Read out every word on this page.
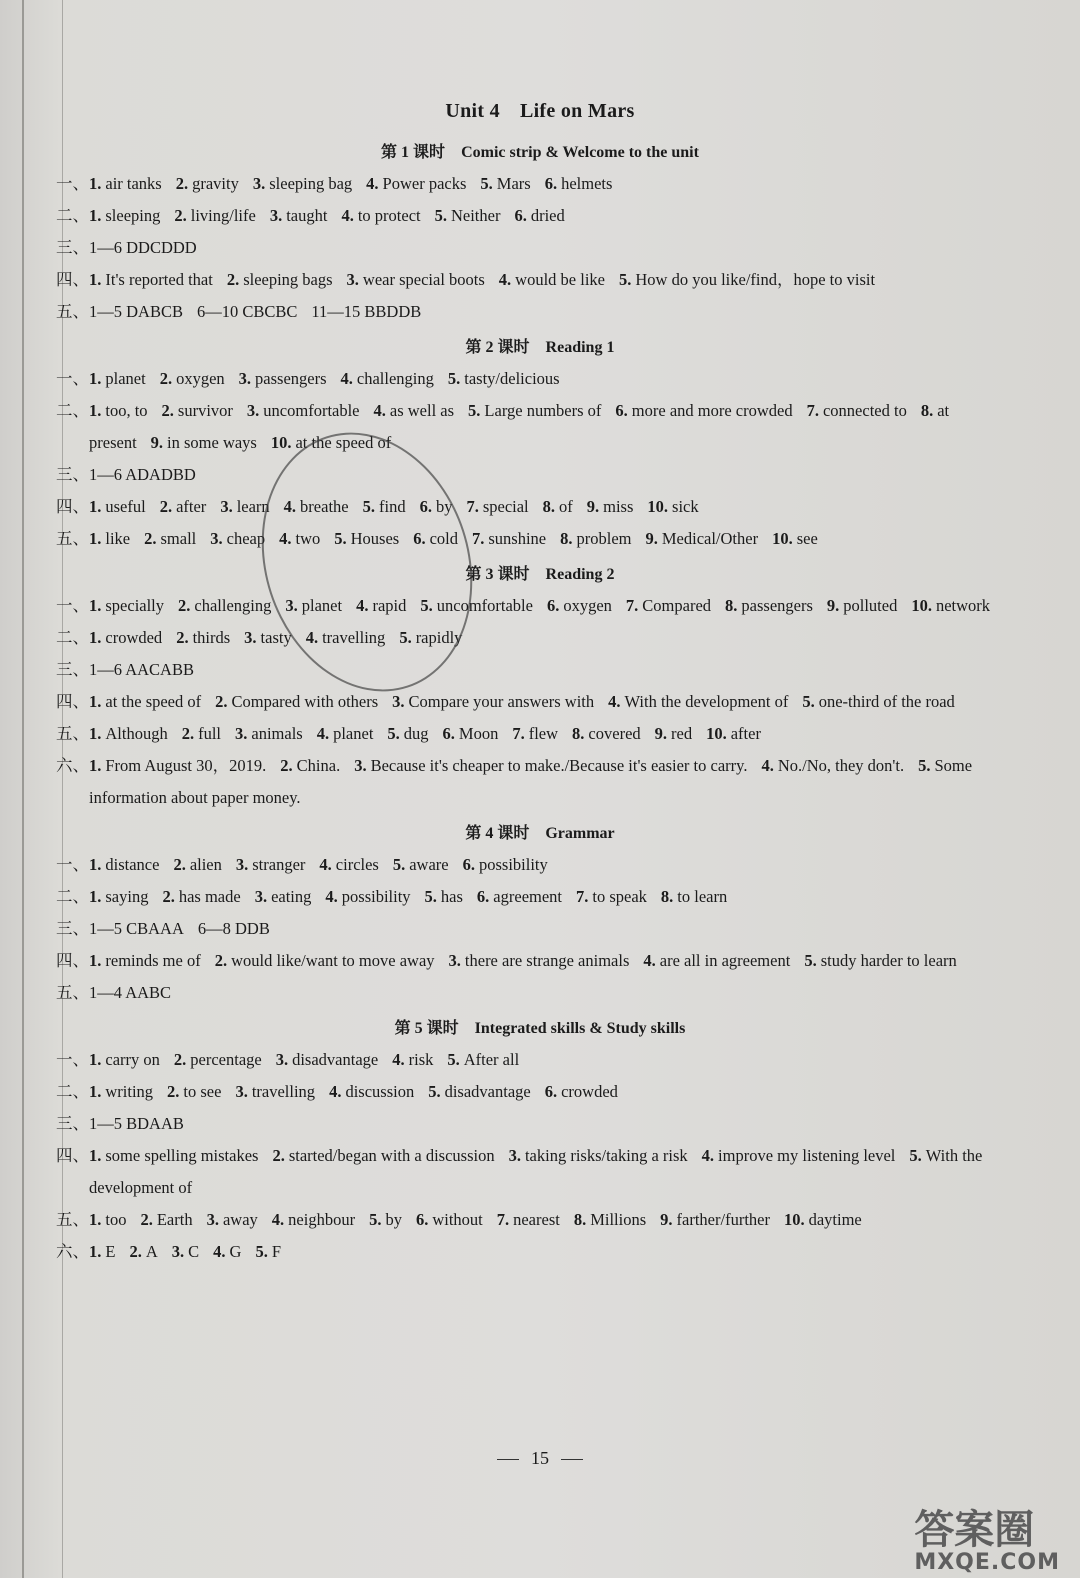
Unit 4 Life on Mars
第 1 课时 Comic strip & Welcome to the unit
一、 1. air tanks 2. gravity 3. sleeping bag 4. Power packs 5. Mars 6. helmets
二、 1. sleeping 2. living/life 3. taught 4. to protect 5. Neither 6. dried
三、 1—6 DDCDDD
四、 1. It's reported that 2. sleeping bags 3. wear special boots 4. would be like 5. How do you like/find，hope to visit
五、 1—5 DABCB 6—10 CBCBC 11—15 BBDDB
第 2 课时 Reading 1
一、 1. planet 2. oxygen 3. passengers 4. challenging 5. tasty/delicious
二、 1. too, to 2. survivor 3. uncomfortable 4. as well as 5. Large numbers of 6. more and more crowded 7. connected to 8. at present 9. in some ways 10. at the speed of
三、 1—6 ADADBD
四、 1. useful 2. after 3. learn 4. breathe 5. find 6. by 7. special 8. of 9. miss 10. sick
五、 1. like 2. small 3. cheap 4. two 5. Houses 6. cold 7. sunshine 8. problem 9. Medical/Other 10. see
第 3 课时 Reading 2
一、 1. specially 2. challenging 3. planet 4. rapid 5. uncomfortable 6. oxygen 7. Compared 8. passengers 9. polluted 10. network
二、 1. crowded 2. thirds 3. tasty 4. travelling 5. rapidly
三、 1—6 AACABB
四、 1. at the speed of 2. Compared with others 3. Compare your answers with 4. With the development of 5. one-third of the road
五、 1. Although 2. full 3. animals 4. planet 5. dug 6. Moon 7. flew 8. covered 9. red 10. after
六、 1. From August 30，2019. 2. China. 3. Because it's cheaper to make./Because it's easier to carry. 4. No./No, they don't. 5. Some information about paper money.
第 4 课时 Grammar
一、 1. distance 2. alien 3. stranger 4. circles 5. aware 6. possibility
二、 1. saying 2. has made 3. eating 4. possibility 5. has 6. agreement 7. to speak 8. to learn
三、 1—5 CBAAA 6—8 DDB
四、 1. reminds me of 2. would like/want to move away 3. there are strange animals 4. are all in agreement 5. study harder to learn
五、 1—4 AABC
第 5 课时 Integrated skills & Study skills
一、 1. carry on 2. percentage 3. disadvantage 4. risk 5. After all
二、 1. writing 2. to see 3. travelling 4. discussion 5. disadvantage 6. crowded
三、 1—5 BDAAB
四、 1. some spelling mistakes 2. started/began with a discussion 3. taking risks/taking a risk 4. improve my listening level 5. With the development of
五、 1. too 2. Earth 3. away 4. neighbour 5. by 6. without 7. nearest 8. Millions 9. farther/further 10. daytime
六、 1. E 2. A 3. C 4. G 5. F
15
答案圈
MXQE.COM
